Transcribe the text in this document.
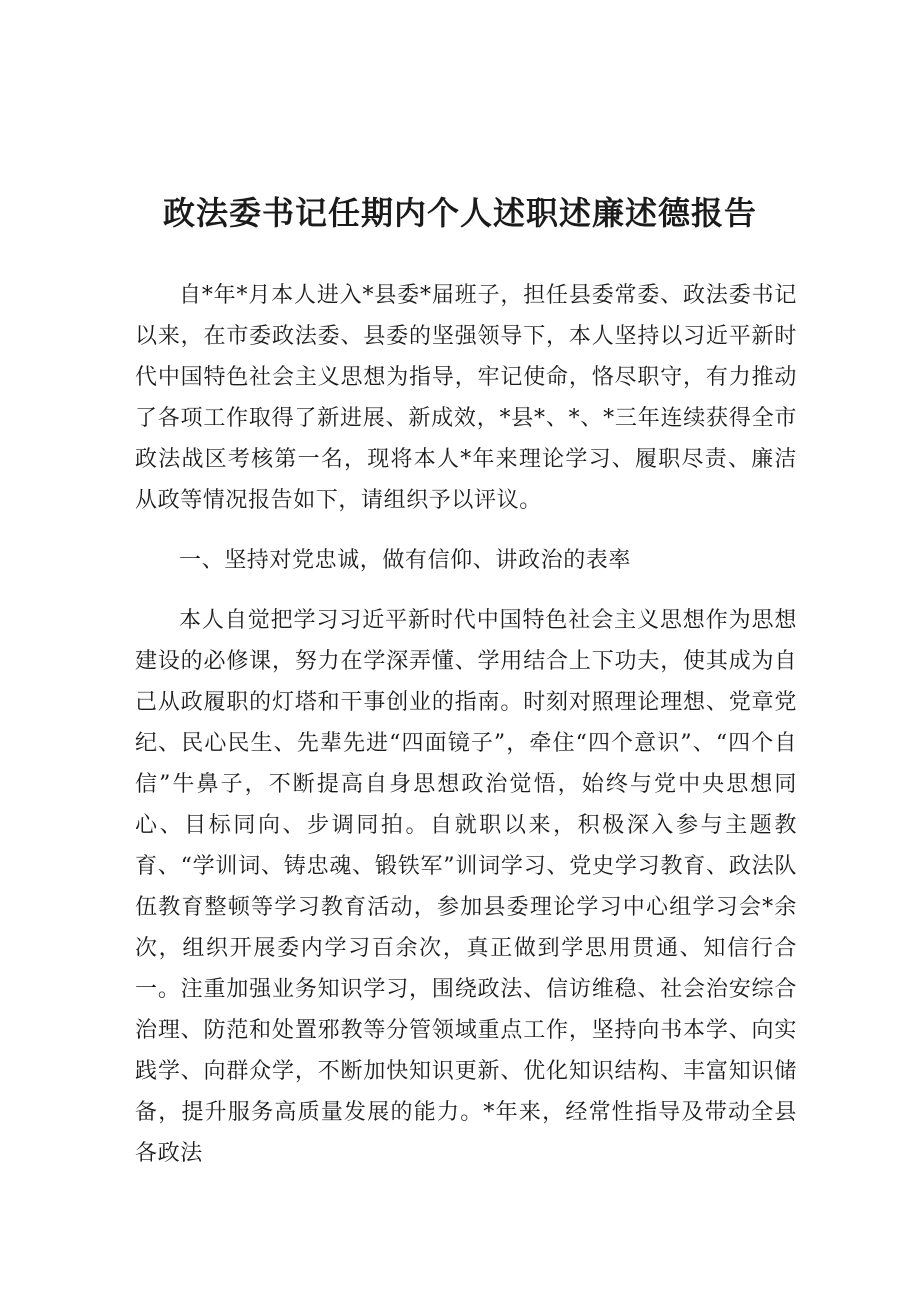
政法委书记任期内个人述职述廉述德报告

自*年*月本人进入*县委*届班子，担任县委常委、政法委书记以来，在市委政法委、县委的坚强领导下，本人坚持以习近平新时代中国特色社会主义思想为指导，牢记使命，恪尽职守，有力推动了各项工作取得了新进展、新成效，*县*、*、*三年连续获得全市政法战区考核第一名，现将本人*年来理论学习、履职尽责、廉洁从政等情况报告如下，请组织予以评议。

一、坚持对党忠诚，做有信仰、讲政治的表率

本人自觉把学习习近平新时代中国特色社会主义思想作为思想建设的必修课，努力在学深弄懂、学用结合上下功夫，使其成为自己从政履职的灯塔和干事创业的指南。时刻对照理论理想、党章党纪、民心民生、先辈先进“四面镜子”，牵住“四个意识”、“四个自信”牛鼻子，不断提高自身思想政治觉悟，始终与党中央思想同心、目标同向、步调同拍。自就职以来，积极深入参与主题教育、“学训词、铸忠魂、锻铁军”训词学习、党史学习教育、政法队伍教育整顿等学习教育活动，参加县委理论学习中心组学习会*余次，组织开展委内学习百余次，真正做到学思用贯通、知信行合一。注重加强业务知识学习，围绕政法、信访维稳、社会治安综合治理、防范和处置邪教等分管领域重点工作，坚持向书本学、向实践学、向群众学，不断加快知识更新、优化知识结构、丰富知识储备，提升服务高质量发展的能力。*年来，经常性指导及带动全县各政法
